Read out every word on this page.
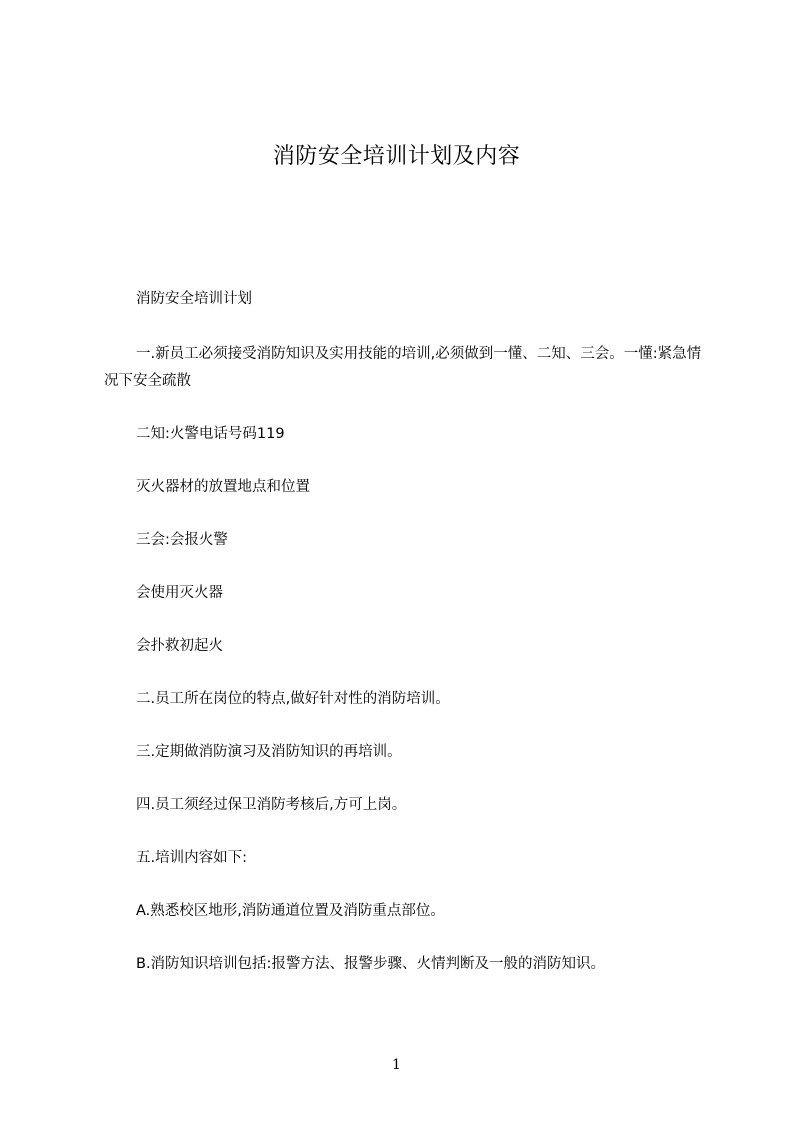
消防安全培训计划及内容

消防安全培训计划

一.新员工必须接受消防知识及实用技能的培训,必须做到一懂、二知、三会。一懂:紧急情况下安全疏散

二知:火警电话号码119

灭火器材的放置地点和位置

三会:会报火警

会使用灭火器

会扑救初起火

二.员工所在岗位的特点,做好针对性的消防培训。

三.定期做消防演习及消防知识的再培训。

四.员工须经过保卫消防考核后,方可上岗。

五.培训内容如下:

A.熟悉校区地形,消防通道位置及消防重点部位。

B.消防知识培训包括:报警方法、报警步骤、火情判断及一般的消防知识。

1
